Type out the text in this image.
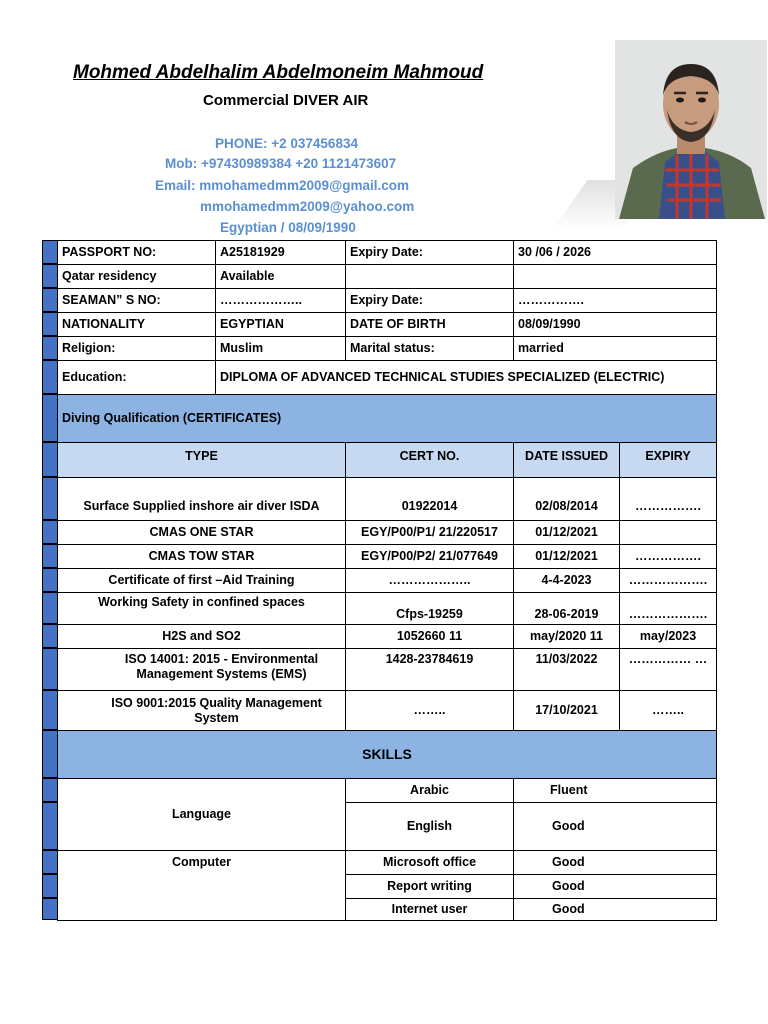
Mohmed Abdelhalim Abdelmoneim Mahmoud
Commercial DIVER AIR
PHONE: +2 037456834
Mob: +97430989384 +20 1121473607
Email: mmohamedmm2009@gmail.com
mmohamedmm2009@yahoo.com
Egyptian / 08/09/1990
PASSPORT NO:	A25181929	Expiry Date:	30 /06 / 2026	
Qatar residency	Available			
SEAMAN” S NO:	………………..	Expiry Date:	…………….	
NATIONALITY	EGYPTIAN	DATE OF BIRTH	08/09/1990	
Religion:	Muslim	Marital status:	married	
Education:	DIPLOMA OF ADVANCED TECHNICAL STUDIES SPECIALIZED (ELECTRIC)			
Diving Qualification (CERTIFICATES)				
TYPE		CERT NO.	DATE ISSUED	EXPIRY
Surface Supplied inshore air diver ISDA		01922014	02/08/2014	…………….
CMAS ONE STAR		EGY/P00/P1/ 21/220517	01/12/2021	
CMAS TOW STAR		EGY/P00/P2/ 21/077649	01/12/2021	…………….
Certificate of first –Aid Training		………………..	4-4-2023	……………….
Working Safety in confined spaces		Cfps-19259	28-06-2019	……………….
H2S and SO2		1052660 11	may/2020 11	may/2023
ISO 14001: 2015 - Environmental Management Systems (EMS)		1428-23784619	11/03/2022	…………… …
ISO 9001:2015 Quality Management System		……..	17/10/2021	……..
SKILLS				
Language		Arabic	Fluent	
		English	Good	
Computer		Microsoft office	Good	
		Report writing	Good	
		Internet user	Good	
